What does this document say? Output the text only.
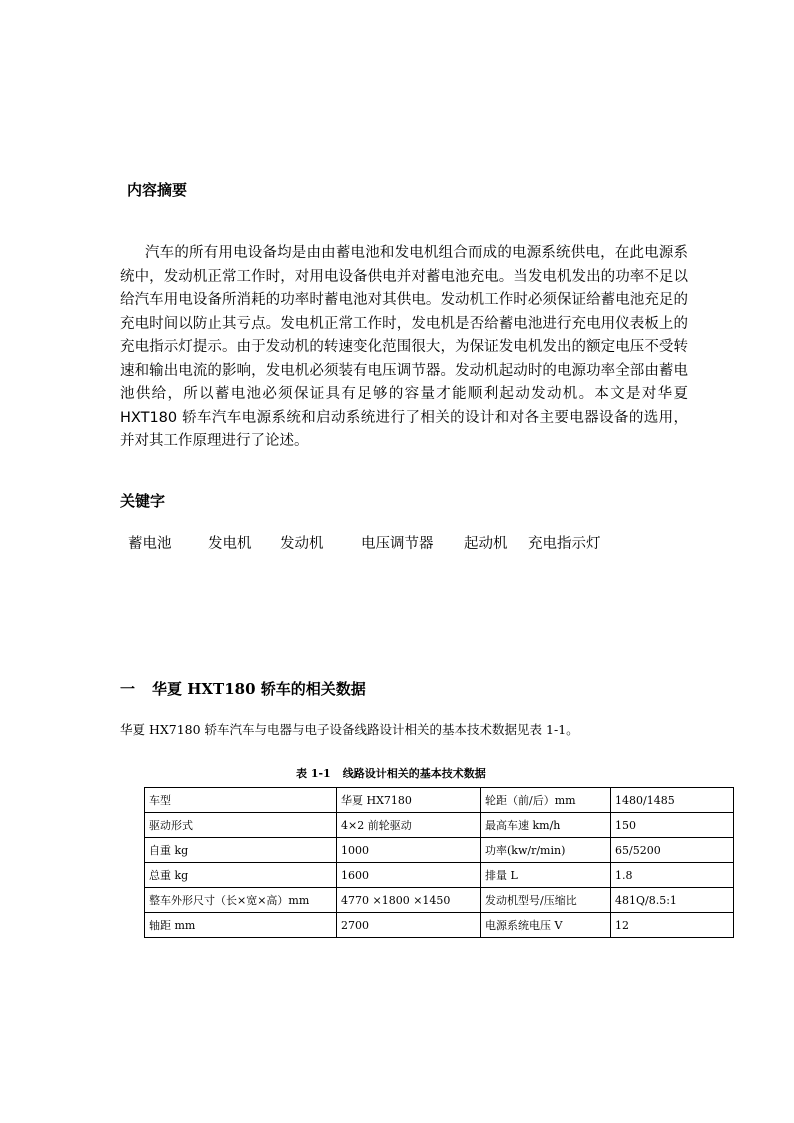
内容摘要
汽车的所有用电设备均是由由蓄电池和发电机组合而成的电源系统供电，在此电源系统中，发动机正常工作时，对用电设备供电并对蓄电池充电。当发电机发出的功率不足以给汽车用电设备所消耗的功率时蓄电池对其供电。发动机工作时必须保证给蓄电池充足的充电时间以防止其亏点。发电机正常工作时，发电机是否给蓄电池进行充电用仪表板上的充电指示灯提示。由于发动机的转速变化范围很大，为保证发电机发出的额定电压不受转速和输出电流的影响，发电机必须装有电压调节器。发动机起动时的电源功率全部由蓄电池供给，所以蓄电池必须保证具有足够的容量才能顺利起动发动机。本文是对华夏 HXT180 轿车汽车电源系统和启动系统进行了相关的设计和对各主要电器设备的选用，并对其工作原理进行了论述。
关键字
蓄电池	发电机 发动机	电压调节器 起动机 充电指示灯
一 华夏 HXT180 轿车的相关数据
华夏 HX7180 轿车汽车与电器与电子设备线路设计相关的基本技术数据见表 1-1。
表 1-1 线路设计相关的基本技术数据
车型	华夏 HX7180	轮距（前/后）mm	1480/1485
驱动形式	4×2 前轮驱动	最高车速 km/h	150
自重 kg	1000	功率(kw/r/min)	65/5200
总重 kg	1600	排量 L	1.8
整车外形尺寸（长×宽×高）mm	4770 ×1800 ×1450	发动机型号/压缩比	481Q/8.5:1
轴距 mm	2700	电源系统电压 V	12
